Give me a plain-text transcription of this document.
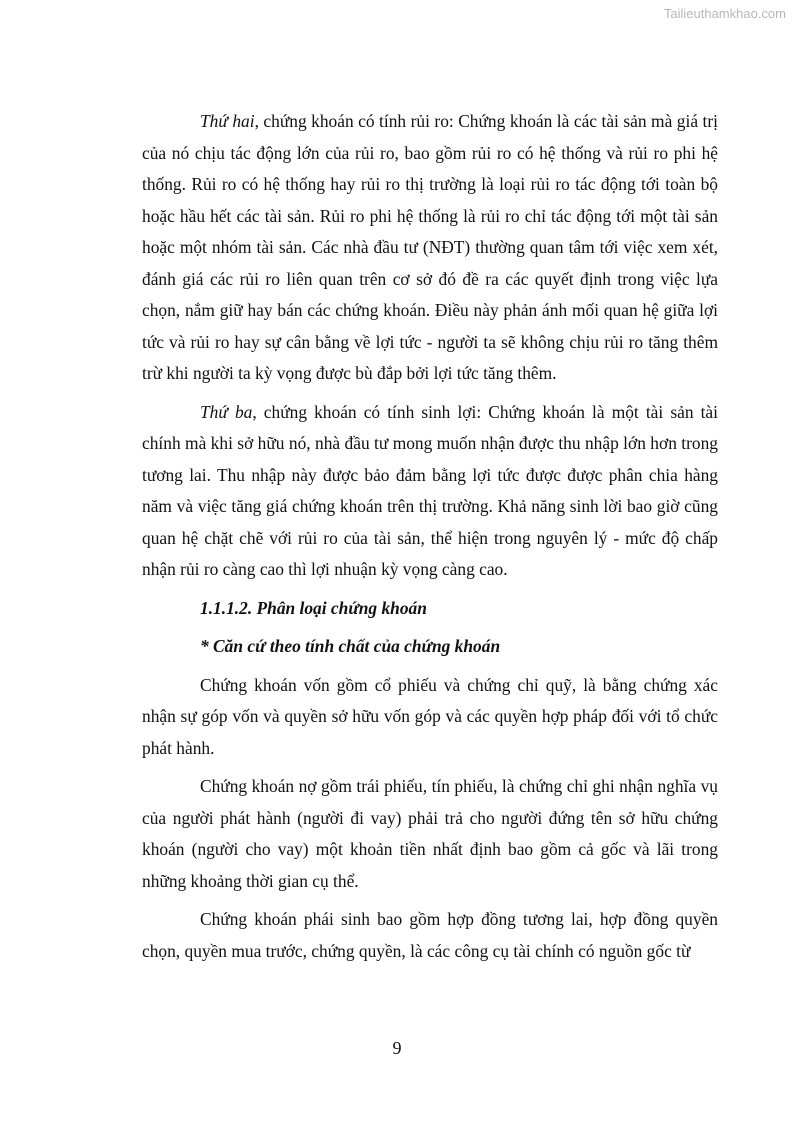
Tailieuthamkhao.com

Thứ hai, chứng khoán có tính rủi ro: Chứng khoán là các tài sản mà giá trị của nó chịu tác động lớn của rủi ro, bao gồm rủi ro có hệ thống và rủi ro phi hệ thống. Rủi ro có hệ thống hay rủi ro thị trường là loại rủi ro tác động tới toàn bộ hoặc hầu hết các tài sản. Rủi ro phi hệ thống là rủi ro chỉ tác động tới một tài sản hoặc một nhóm tài sản. Các nhà đầu tư (NĐT) thường quan tâm tới việc xem xét, đánh giá các rủi ro liên quan trên cơ sở đó đề ra các quyết định trong việc lựa chọn, nắm giữ hay bán các chứng khoán. Điều này phản ánh mối quan hệ giữa lợi tức và rủi ro hay sự cân bằng về lợi tức - người ta sẽ không chịu rủi ro tăng thêm trừ khi người ta kỳ vọng được bù đắp bởi lợi tức tăng thêm.

Thứ ba, chứng khoán có tính sinh lợi: Chứng khoán là một tài sản tài chính mà khi sở hữu nó, nhà đầu tư mong muốn nhận được thu nhập lớn hơn trong tương lai. Thu nhập này được bảo đảm bằng lợi tức được được phân chia hàng năm và việc tăng giá chứng khoán trên thị trường. Khả năng sinh lời bao giờ cũng quan hệ chặt chẽ với rủi ro của tài sản, thể hiện trong nguyên lý - mức độ chấp nhận rủi ro càng cao thì lợi nhuận kỳ vọng càng cao.

1.1.1.2. Phân loại chứng khoán

* Căn cứ theo tính chất của chứng khoán

Chứng khoán vốn gồm cổ phiếu và chứng chỉ quỹ, là bằng chứng xác nhận sự góp vốn và quyền sở hữu vốn góp và các quyền hợp pháp đối với tổ chức phát hành.

Chứng khoán nợ gồm trái phiếu, tín phiếu, là chứng chỉ ghi nhận nghĩa vụ của người phát hành (người đi vay) phải trả cho người đứng tên sở hữu chứng khoán (người cho vay) một khoản tiền nhất định bao gồm cả gốc và lãi trong những khoảng thời gian cụ thể.

Chứng khoán phái sinh bao gồm hợp đồng tương lai, hợp đồng quyền chọn, quyền mua trước, chứng quyền, là các công cụ tài chính có nguồn gốc từ

9
